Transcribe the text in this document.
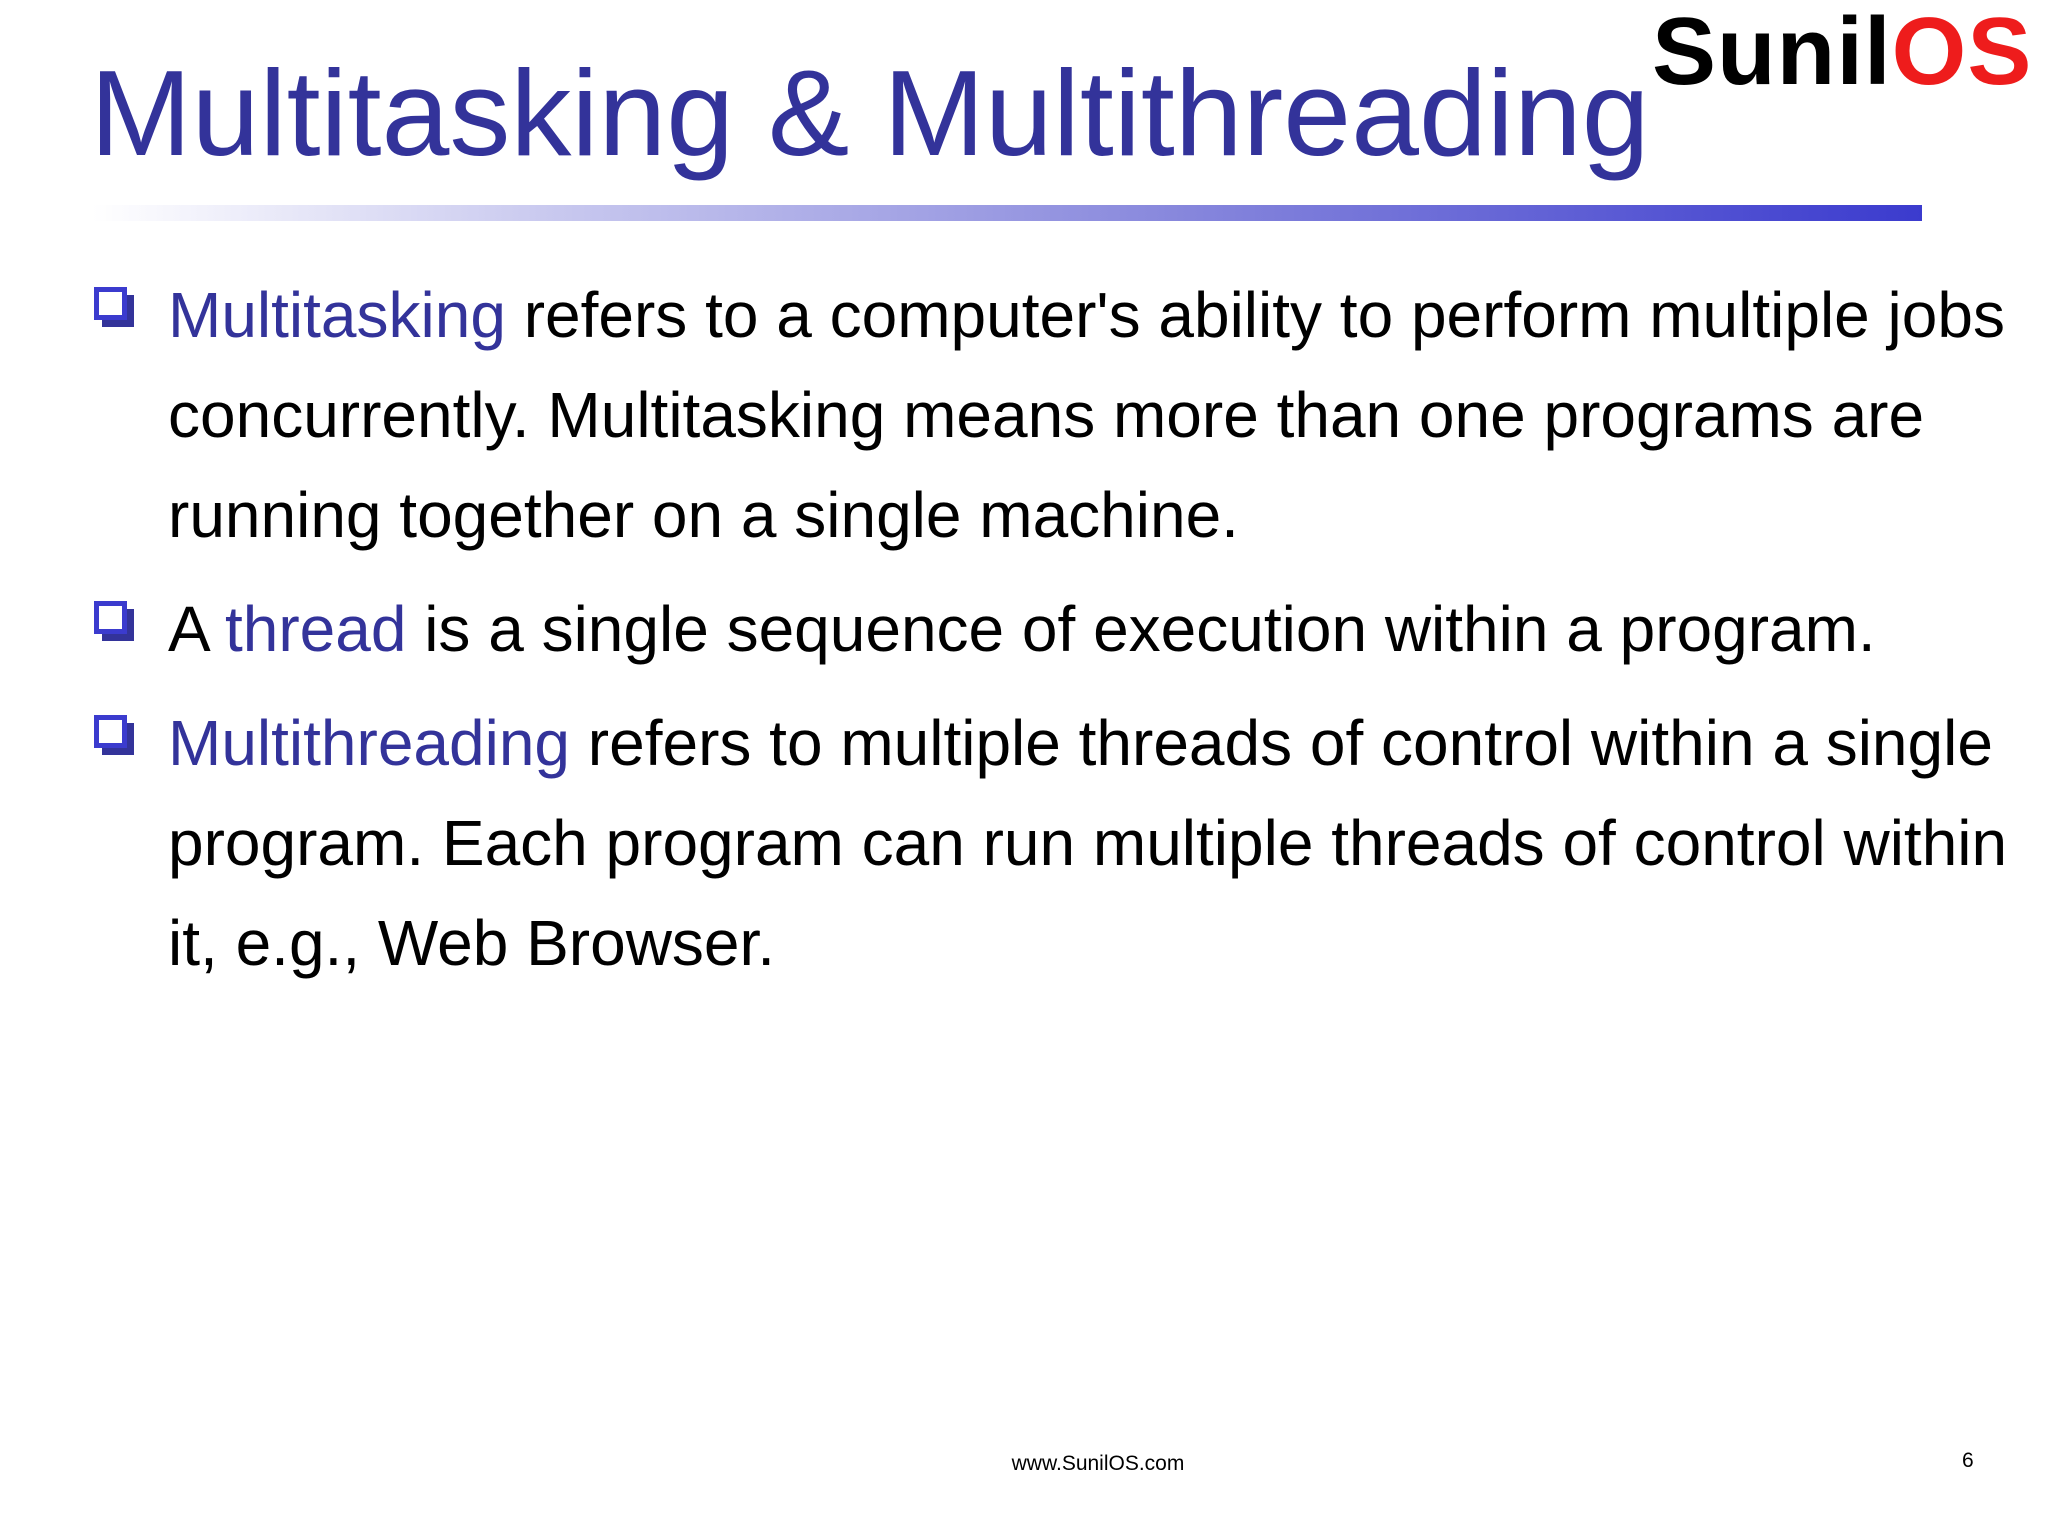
SunilOS
Multitasking & Multithreading
Multitasking refers to a computer's ability to perform multiple jobs concurrently. Multitasking means more than one programs are running together on a single machine.
A thread is a single sequence of execution within a program.
Multithreading refers to multiple threads of control within a single program. Each program can run multiple threads of control within it, e.g., Web Browser.
www.SunilOS.com	6
